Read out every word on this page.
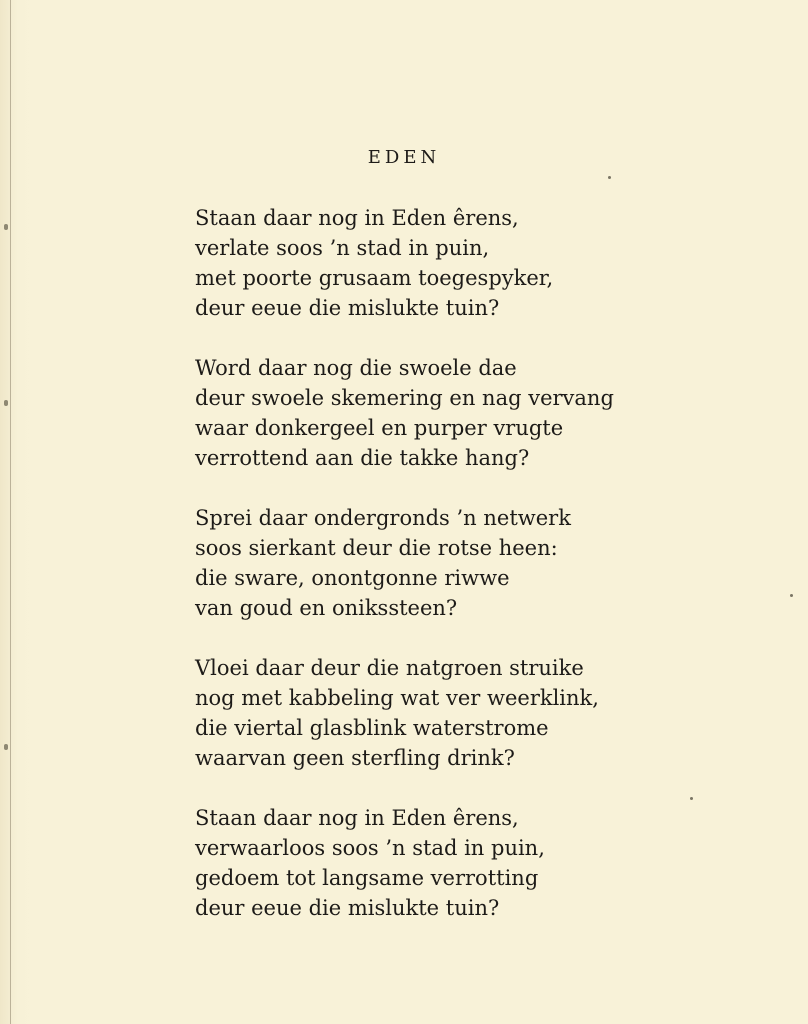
EDEN
Staan daar nog in Eden êrens,
verlate soos ’n stad in puin,
met poorte grusaam toegespyker,
deur eeue die mislukte tuin?
Word daar nog die swoele dae
deur swoele skemering en nag vervang
waar donkergeel en purper vrugte
verrottend aan die takke hang?
Sprei daar ondergronds ’n netwerk
soos sierkant deur die rotse heen:
die sware, onontgonne riwwe
van goud en onikssteen?
Vloei daar deur die natgroen struike
nog met kabbeling wat ver weerklink,
die viertal glasblink waterstrome
waarvan geen sterfling drink?
Staan daar nog in Eden êrens,
verwaarloos soos ’n stad in puin,
gedoem tot langsame verrotting
deur eeue die mislukte tuin?
